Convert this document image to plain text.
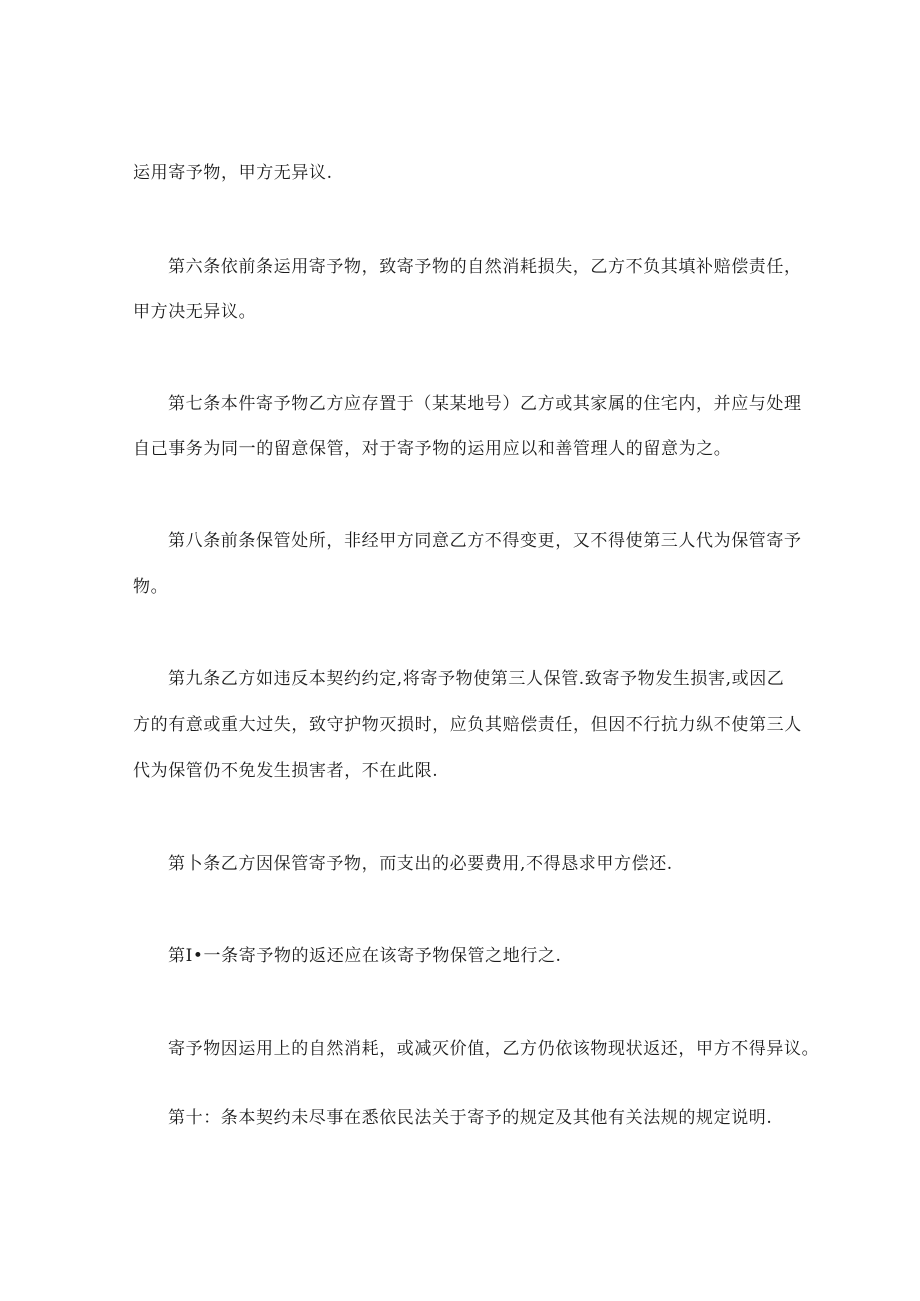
运用寄予物，甲方无异议.
第六条依前条运用寄予物，致寄予物的自然消耗损失，乙方不负其填补赔偿责任，
甲方决无异议。
第七条本件寄予物乙方应存置于（某某地号）乙方或其家属的住宅内，并应与处理
自己事务为同一的留意保管，对于寄予物的运用应以和善管理人的留意为之。
第八条前条保管处所，非经甲方同意乙方不得变更，又不得使第三人代为保管寄予
物。
第九条乙方如违反本契约约定,将寄予物使第三人保管.致寄予物发生损害,或因乙
方的有意或重大过失，致守护物灭损时，应负其赔偿责任，但因不行抗力纵不使第三人
代为保管仍不免发生损害者，不在此限.
第卜条乙方因保管寄予物，而支出的必要费用,不得恳求甲方偿还.
第Ⅰ•一条寄予物的返还应在该寄予物保管之地行之.
寄予物因运用上的自然消耗，或减灭价值，乙方仍依该物现状返还，甲方不得异议。
第十：条本契约未尽事在悉依民法关于寄予的规定及其他有关法规的规定说明.
